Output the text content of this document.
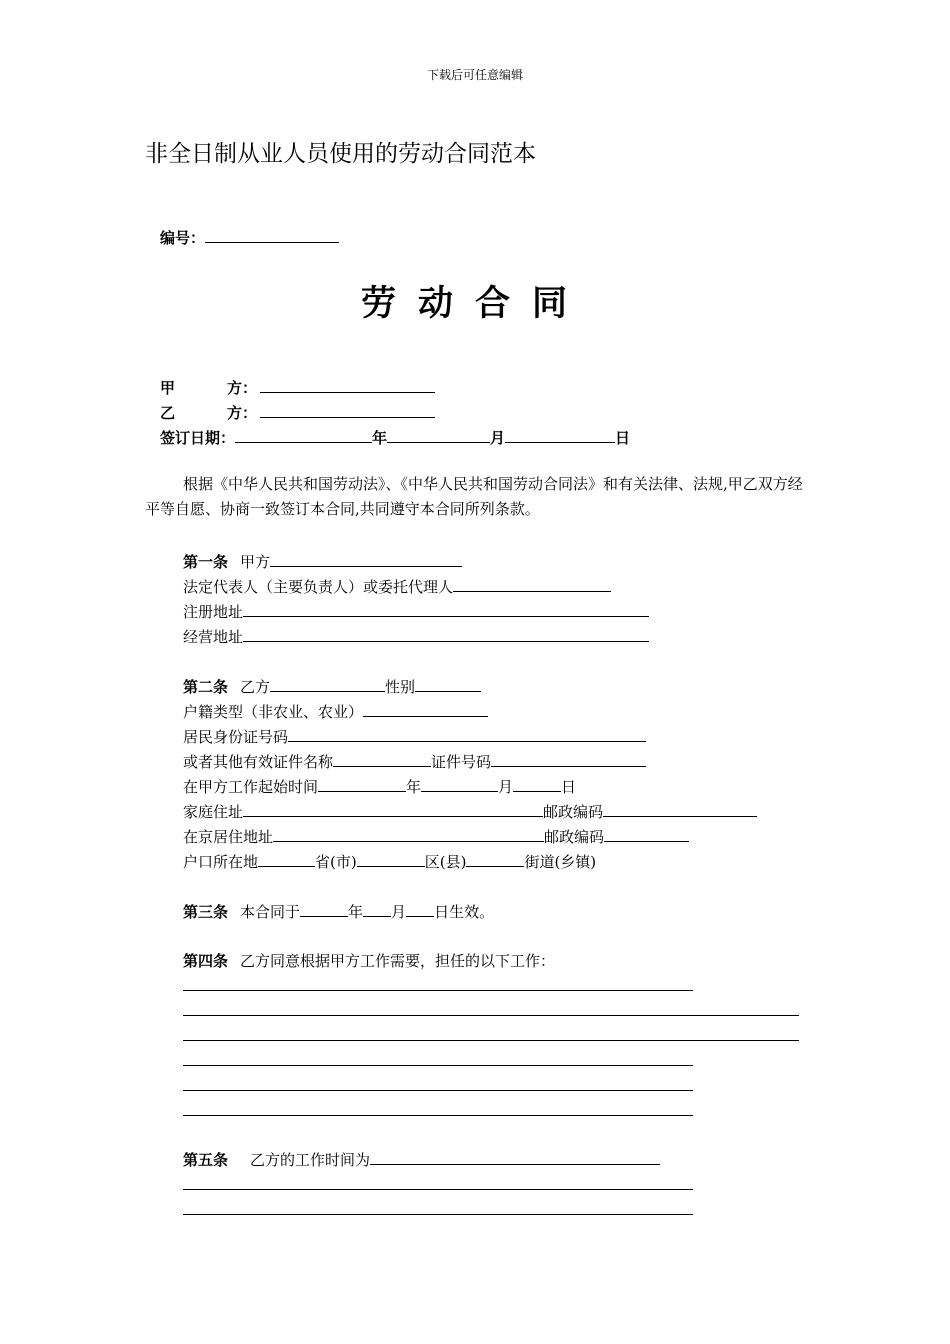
下载后可任意编辑
非全日制从业人员使用的劳动合同范本
编号：
劳动合同
甲	方：
乙	方：
签订日期：	年	月	日
根据《中华人民共和国劳动法》、《中华人民共和国劳动合同法》和有关法律、法规,甲乙双方经平等自愿、协商一致签订本合同,共同遵守本合同所列条款。
第一条 甲方
法定代表人（主要负责人）或委托代理人
注册地址
经营地址
第二条 乙方	性别
户籍类型（非农业、农业）
居民身份证号码
或者其他有效证件名称	证件号码
在甲方工作起始时间	年	月	日
家庭住址	邮政编码
在京居住地址	邮政编码
户口所在地	省(市)	区(县)	街道(乡镇)
第三条 本合同于	年 月 日生效。
第四条 乙方同意根据甲方工作需要，担任的以下工作：
第五条 乙方的工作时间为
